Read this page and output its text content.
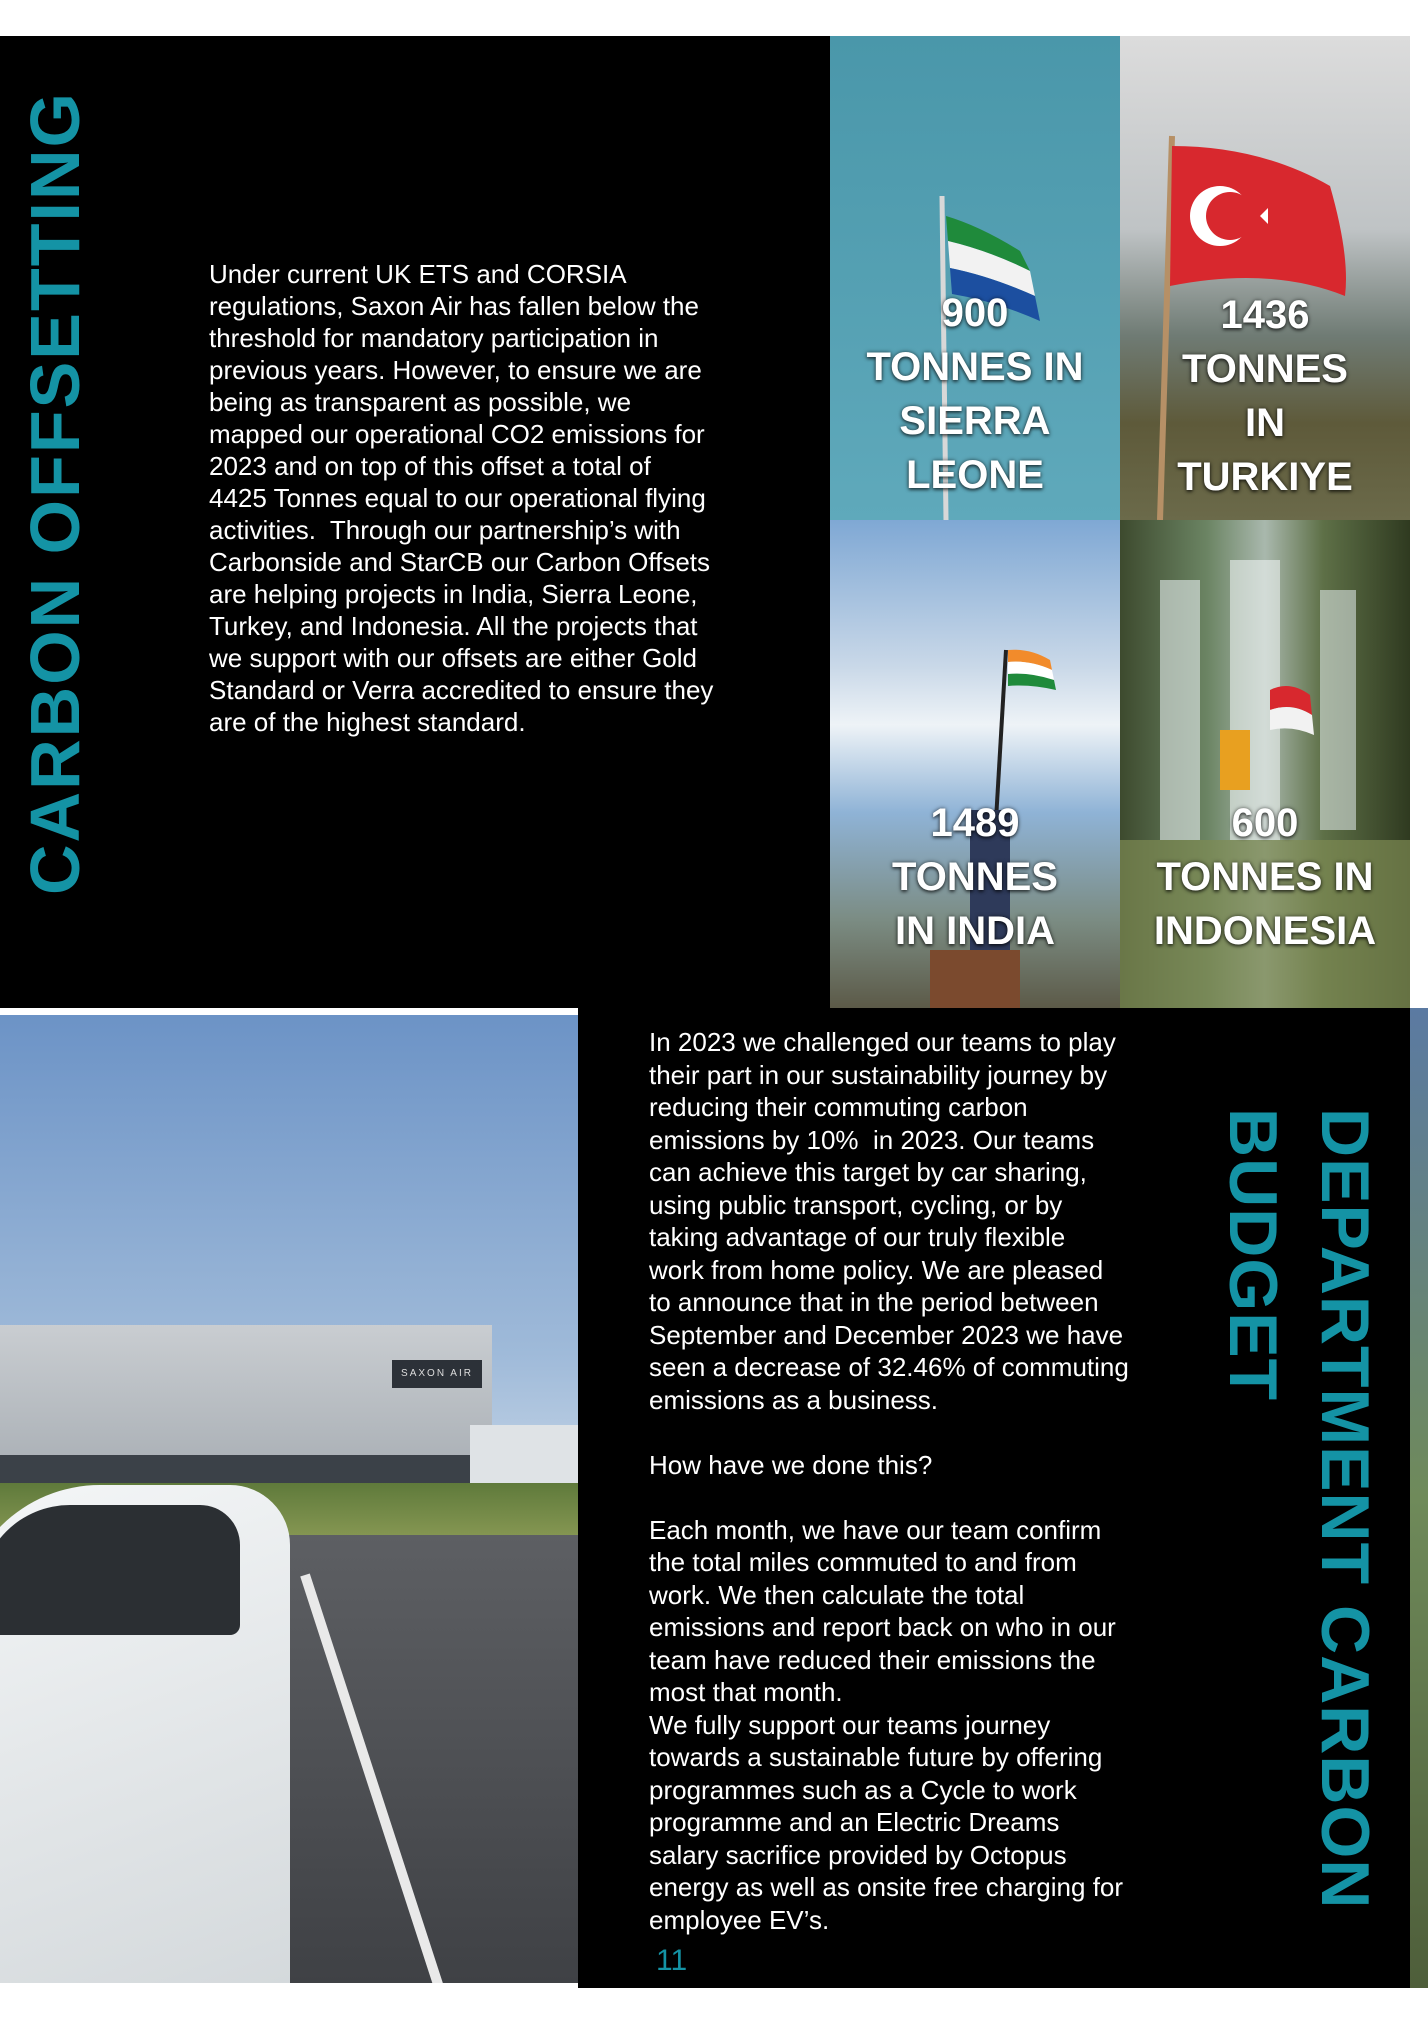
CARBON OFFSETTING	Under current UK ETS and CORSIA
regulations, Saxon Air has fallen below the
threshold for mandatory participation in
previous years. However, to ensure we are
being as transparent as possible, we
mapped our operational CO2 emissions for
2023 and on top of this offset a total of
4425 Tonnes equal to our operational flying
activities.  Through our partnership’s with
Carbonside and StarCB our Carbon Offsets
are helping projects in India, Sierra Leone,
Turkey, and Indonesia. All the projects that
we support with our offsets are either Gold
Standard or Verra accredited to ensure they
are of the highest standard.
900
TONNES IN
SIERRA
LEONE
1436
TONNES
IN
TURKIYE
1489
TONNES
IN INDIA
600
TONNES IN
INDONESIA
SAXON AIR
In 2023 we challenged our teams to play
their part in our sustainability journey by
reducing their commuting carbon
emissions by 10%  in 2023. Our teams
can achieve this target by car sharing,
using public transport, cycling, or by
taking advantage of our truly flexible
work from home policy. We are pleased
to announce that in the period between
September and December 2023 we have
seen a decrease of 32.46% of commuting
emissions as a business.

How have we done this?

Each month, we have our team confirm
the total miles commuted to and from
work. We then calculate the total
emissions and report back on who in our
team have reduced their emissions the
most that month.
We fully support our teams journey
towards a sustainable future by offering
programmes such as a Cycle to work
programme and an Electric Dreams
salary sacrifice provided by Octopus
energy as well as onsite free charging for
employee EV’s.
DEPARTMENT CARBON
BUDGET
11
